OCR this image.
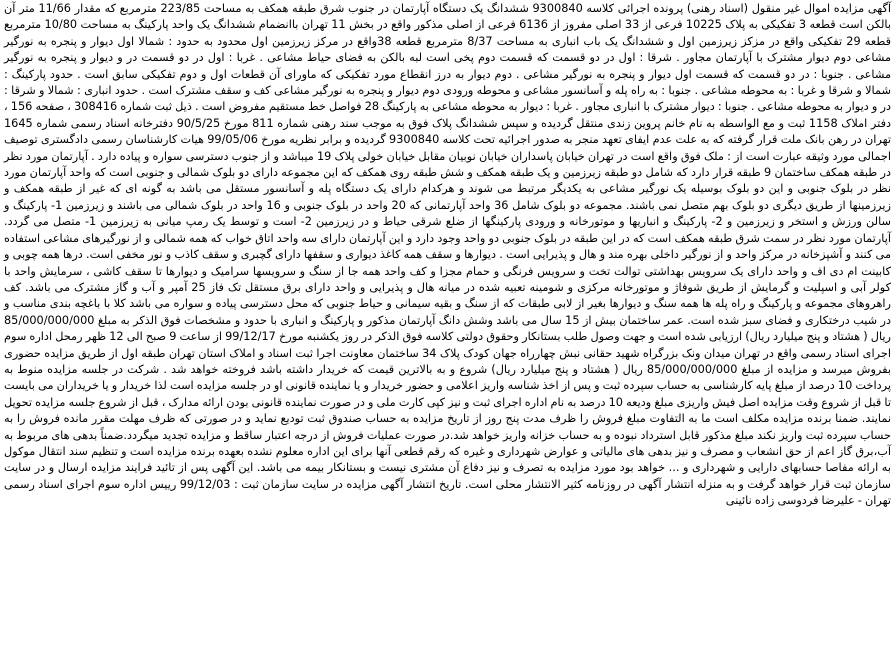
آگهی مزایده اموال غیر منقول (اسناد رهنی) پرونده اجرائی کلاسه 9300840 ششدانگ یک دستگاه آپارتمان در جنوب شرق طبقه همکف به مساحت 223/85 مترمربع که مقدار 11/66 متر آن بالکن است قطعه 3 تفکیکی به پلاک 10225 فرعی از 33 اصلی مفروز از 6136 فرعی از اصلی مذکور واقع در بخش 11 تهران باانضمام ششدانگ یک واحد پارکینگ به مساحت 10/80 مترمربع قطعه 29 تفکیکی واقع در مزکز زیرزمین اول و ششدانگ یک باب انباری به مساحت 8/37 مترمربع قطعه 38واقع در مرکز زیرزمین اول محدود به حدود : شمالا اول دیوار و پنجره به نورگیر مشاعی دوم دیوار مشترک با آپارتمان مجاور . شرقا : اول در دو قسمت که قسمت دوم پخی است لبه بالکن به فضای حیاط مشاعی . غربا : اول در دو قسمت در و دیوار و پنجره به نورگیر مشاعی . جنوبا : در دو قسمت که قسمت اول دیوار و پنجره به نورگیر مشاعی . دوم دیوار به درز انقطاع مورد تفکیکی که ماورای آن قطعات اول و دوم تفکیکی سابق است . حدود پارکینگ : شمالا و شرقا و غربا : به محوطه مشاعی . جنوبا : به راه پله و آسانسور مشاعی و محوطه ورودی دوم دیوار و پنجره به نورگیر مشاعی کف و سقف مشترک است . حدود انباری : شمالا و شرقا : در و دیوار به محوطه مشاعی . جنوبا : دیوار مشترک با انباری مجاور . غربا : دیوار به محوطه مشاعی به پارکینگ 28 فواصل خط مستقیم مفروض است . ذیل ثبت شماره 308416 ، صفحه 156 ، دفتر املاک 1158 ثبت و مع الواسطه به نام خانم پروین زندی منتقل گردیده و سپس ششدانگ پلاک فوق به موجب سند رهنی شماره 811 مورخ 90/5/25 دفترخانه اسناد رسمی شماره 1645 تهران در رهن بانک ملت قرار گرفته که به علت عدم ایفای تعهد منجر به صدور اجرائیه تحت کلاسه 9300840 گردیده و برابر نظریه مورخ 99/05/06 هیات کارشناسان رسمی دادگستری توصیف اجمالی مورد وثیقه عبارت است از : ملک فوق واقع است در تهران خیابان پاسداران خیابان نوبیان مقابل خیابان خولی پلاک 19 میباشد و از جنوب دسترسی سواره و پیاده دارد . آپارتمان مورد نظر در طبقه همکف ساختمان 9 طبقه قرار دارد که شامل دو طبقه زیرزمین و یک طبقه همکف و شش طبقه روی همکف که این مجموعه دارای دو بلوک شمالی و جنوبی است که واحد آپارتمان مورد نظر در بلوک جنوبی و این دو بلوک بوسیله یک نورگیر مشاعی به یکدیگر مرتبط می شوند و هرکدام دارای یک دستگاه پله و آسانسور مستقل می باشد به گونه ای که غیر از طبقه همکف و زیرزمینها از طریق دیگری دو بلوک بهم متصل نمی باشند. مجموعه دو بلوک شامل 36 واحد آپارتمانی که 20 واحد در بلوک جنوبی و 16 واحد در بلوک شمالی می باشند و زیرزمین 1- پارکینگ و سالن ورزش و استخر و زیرزمین و 2- پارکینگ و انباریها و موتورخانه و ورودی پارکینگها از ضلع شرقی حیاط و در زیرزمین 2- است و توسط یک رمپ میانی به زیرزمین 1- متصل می گردد. آپارتمان مورد نظر در سمت شرق طبقه همکف است که در این طبقه در بلوک جنوبی دو واحد وجود دارد و این آپارتمان دارای سه واحد اتاق خواب که همه شمالی و از نورگیرهای مشاعی استفاده می کنند و آشپزخانه در مرکز واحد و از نورگیر داخلی بهره مند و هال و پذیرایی است . دیوارها و سقف همه کاغذ دیواری و سقفها دارای گچبری و سقف کاذب و نور مخفی است. درها همه چوبی و کابینت ام دی اف و واحد دارای یک سرویس بهداشتی توالت تخت و سرویس فرنگی و حمام مجزا و کف واحد همه جا از سنگ و سرویسها سرامیک و دیوارها تا سقف کاشی ، سرمایش واحد با کولر آبی و اسپلیت و گرمایش از طریق شوفاژ و موتورخانه مرکزی و شومینه تعبیه شده در میانه هال و پذیرایی و واحد دارای برق مستقل تک فاز 25 آمپر و آب و گاز مشترک می باشد. کف راهروهای مجموعه و پارکینگ و راه پله ها همه سنگ و دیوارها بغیر از لابی طبقات که از سنگ و بقیه سیمانی و حیاط جنوبی که محل دسترسی پیاده و سواره می باشد کلا با باغچه بندی مناسب و در شیب درختکاری و فضای سبز شده است. عمر ساختمان بیش از 15 سال می باشد وشش دانگ آپارتمان مذکور و پارکینگ و انباری با حدود و مشخصات فوق الذکر به مبلغ 85/000/000/000 ریال ( هشتاد و پنج میلیارد ریال) ارزیابی شده است و جهت وصول طلب بستانکار وحقوق دولتی کلاسه فوق الذکر در روز یکشنبه مورخ 99/12/17 از ساعت 9 صبح الی 12 ظهر رمحل اداره سوم اجرای اسناد رسمی واقع در تهران میدان ونک بزرگراه شهید حقانی نبش چهارراه جهان کودک پلاک 34 ساختمان معاونت اجرا ثبت اسناد و املاک استان تهران طبقه اول از طریق مزایده حضوری بفروش میرسد و مزایده از مبلغ 85/000/000/000 ریال ( هشتاد و پنج میلیارد ریال) شروع و به بالاترین قیمت که خریدار داشته باشد فروخته خواهد شد . شرکت در جلسه مزایده منوط به پرداخت 10 درصد از مبلغ پایه کارشناسی به حساب سپرده ثبت و پس از اخذ شناسه واریز اعلامی و حضور خریدار و یا نماینده قانونی او در جلسه مزایده است لذا خریدار و یا خریداران می بایست تا قبل از شروع وقت مزایده اصل فیش واریزی مبلغ ودیعه 10 درصد به نام اداره اجرای ثبت و نیز کپی کارت ملی و در صورت نماینده قانونی بودن ارائه مدارک ، قبل از شروع جلسه مزایده تحویل نمایند. ضمنا برنده مزایده مکلف است ما به التفاوت مبلغ فروش را ظرف مدت پنج روز از تاریخ مزایده به حساب صندوق ثبت تودیع نماید و در صورتی که ظرف مهلت مقرر مانده فروش را به حساب سپرده ثبت واریز نکند مبلغ مذکور قابل استرداد نبوده و به حساب خزانه واریز خواهد شد.در صورت عملیات فروش از درجه اعتبار ساقط و مزایده تجدید میگردد.ضمناً بدهی های مربوط به آب،برق گاز اعم از حق انشعاب و مصرف و نیز بدهی های مالیاتی و عوارض شهرداری و غیره که رقم قطعی آنها برای این اداره معلوم نشده بعهده برنده مزایده است و تنظیم سند انتقال موکول به ارائه مفاصا حسابهای دارایی و شهرداری و ... خواهد بود مورد مزایده به تصرف و نیز دفاع آن مشتری نیست و بستانکار بیمه می باشد. این آگهی پس از تائید فرایند مزایده ارسال و در سایت سازمان ثبت قرار خواهد گرفت و به منزله انتشار آگهی در روزنامه کثیر الانتشار محلی است. تاریخ انتشار آگهی مزایده در سایت سازمان ثبت : 99/12/03 رییس اداره سوم اجرای اسناد رسمی تهران - علیرضا فردوسی زاده نائینی
